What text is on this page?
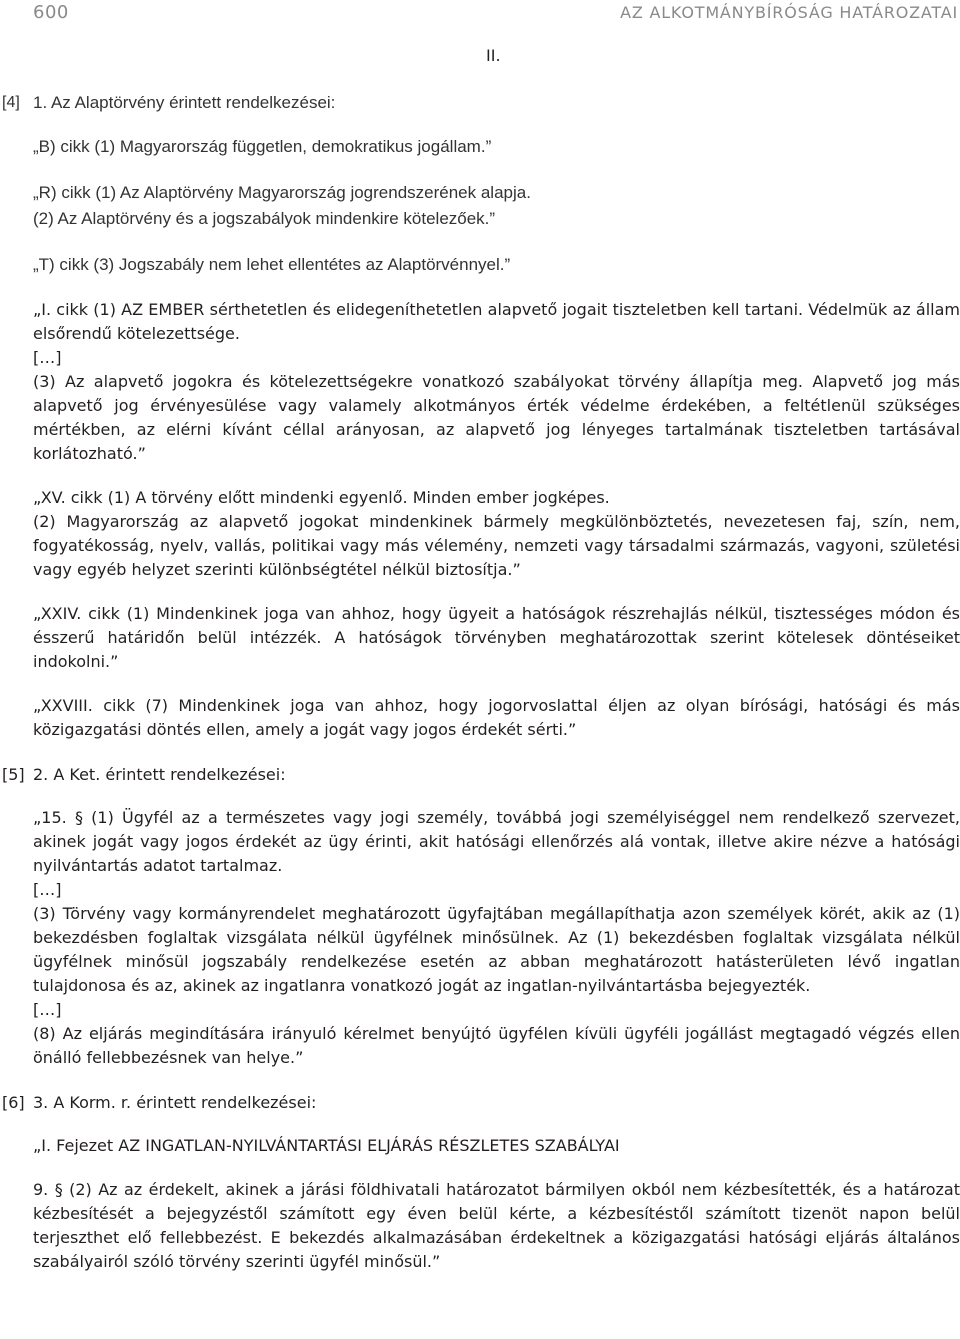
600	AZ ALKOTMÁNYBÍRÓSÁG HATÁROZATAI
II.
[4] 1. Az Alaptörvény érintett rendelkezései:

„B) cikk (1) Magyarország független, demokratikus jogállam.”

„R) cikk (1) Az Alaptörvény Magyarország jogrendszerének alapja.

(2) Az Alaptörvény és a jogszabályok mindenkire kötelezőek.”

„T) cikk (3) Jogszabály nem lehet ellentétes az Alaptörvénnyel.”

„I. cikk (1) AZ EMBER sérthetetlen és elidegeníthetetlen alapvető jogait tiszteletben kell tartani. Védelmük az állam elsőrendű kötelezettsége.

[…]

(3) Az alapvető jogokra és kötelezettségekre vonatkozó szabályokat törvény állapítja meg. Alapvető jog más alapvető jog érvényesülése vagy valamely alkotmányos érték védelme érdekében, a feltétlenül szükséges mértékben, az elérni kívánt céllal arányosan, az alapvető jog lényeges tartalmának tiszteletben tartásával korlátozható.”

„XV. cikk (1) A törvény előtt mindenki egyenlő. Minden ember jogképes.

(2) Magyarország az alapvető jogokat mindenkinek bármely megkülönböztetés, nevezetesen faj, szín, nem, fogyatékosság, nyelv, vallás, politikai vagy más vélemény, nemzeti vagy társadalmi származás, vagyoni, születési vagy egyéb helyzet szerinti különbségtétel nélkül biztosítja.”

„XXIV. cikk (1) Mindenkinek joga van ahhoz, hogy ügyeit a hatóságok részrehajlás nélkül, tisztességes módon és ésszerű határidőn belül intézzék. A hatóságok törvényben meghatározottak szerint kötelesek döntéseiket indokolni.”

„XXVIII. cikk (7) Mindenkinek joga van ahhoz, hogy jogorvoslattal éljen az olyan bírósági, hatósági és más közigazgatási döntés ellen, amely a jogát vagy jogos érdekét sérti.”

[5] 2. A Ket. érintett rendelkezései:

„15. § (1) Ügyfél az a természetes vagy jogi személy, továbbá jogi személyiséggel nem rendelkező szervezet, akinek jogát vagy jogos érdekét az ügy érinti, akit hatósági ellenőrzés alá vontak, illetve akire nézve a hatósági nyilvántartás adatot tartalmaz.

[…]

(3) Törvény vagy kormányrendelet meghatározott ügyfajtában megállapíthatja azon személyek körét, akik az (1) bekezdésben foglaltak vizsgálata nélkül ügyfélnek minősülnek. Az (1) bekezdésben foglaltak vizsgálata nélkül ügyfélnek minősül jogszabály rendelkezése esetén az abban meghatározott hatásterületen lévő ingatlan tulajdonosa és az, akinek az ingatlanra vonatkozó jogát az ingatlan-nyilvántartásba bejegyezték.

[…]

(8) Az eljárás megindítására irányuló kérelmet benyújtó ügyfélen kívüli ügyféli jogállást megtagadó végzés ellen önálló fellebbezésnek van helye.”

[6] 3. A Korm. r. érintett rendelkezései:

„I. Fejezet AZ INGATLAN-NYILVÁNTARTÁSI ELJÁRÁS RÉSZLETES SZABÁLYAI

9. § (2) Az az érdekelt, akinek a járási földhivatali határozatot bármilyen okból nem kézbesítették, és a határozat kézbesítését a bejegyzéstől számított egy éven belül kérte, a kézbesítéstől számított tizenöt napon belül terjeszthet elő fellebbezést. E bekezdés alkalmazásában érdekeltnek a közigazgatási hatósági eljárás általános szabályairól szóló törvény szerinti ügyfél minősül.”
